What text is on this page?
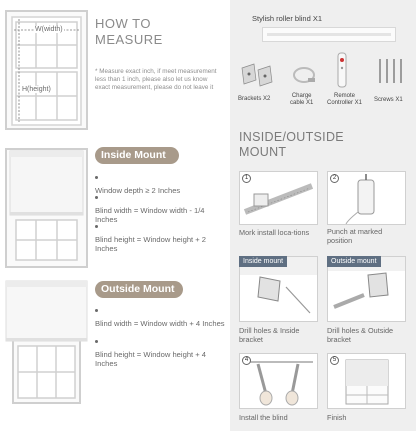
W(width)
H(height)
HOW TO
MEASURE
* Measure exact inch, if meet measurement less than 1 inch, please also let us know exact measurement, please do not leave it
Inside Mount

Window depth ≥ 2 Inches

Blind width = Window width - 1/4 Inches

Blind height = Window height + 2 Inches
Outside Mount

Blind width = Window width + 4 Inches

Blind height = Window height + 4 Inches
Stylish roller blind X1
Brackets X2	Charge
cable X1
Remote
Controller X1 Screws X1
INSIDE/OUTSIDE
MOUNT
1
Mork install loca-tions
2
Punch at marked
position
Inside mount
Drill holes & Inside
bracket
Outside mount
Drill holes & Outside
bracket
4
Install the blind
5
Finish
